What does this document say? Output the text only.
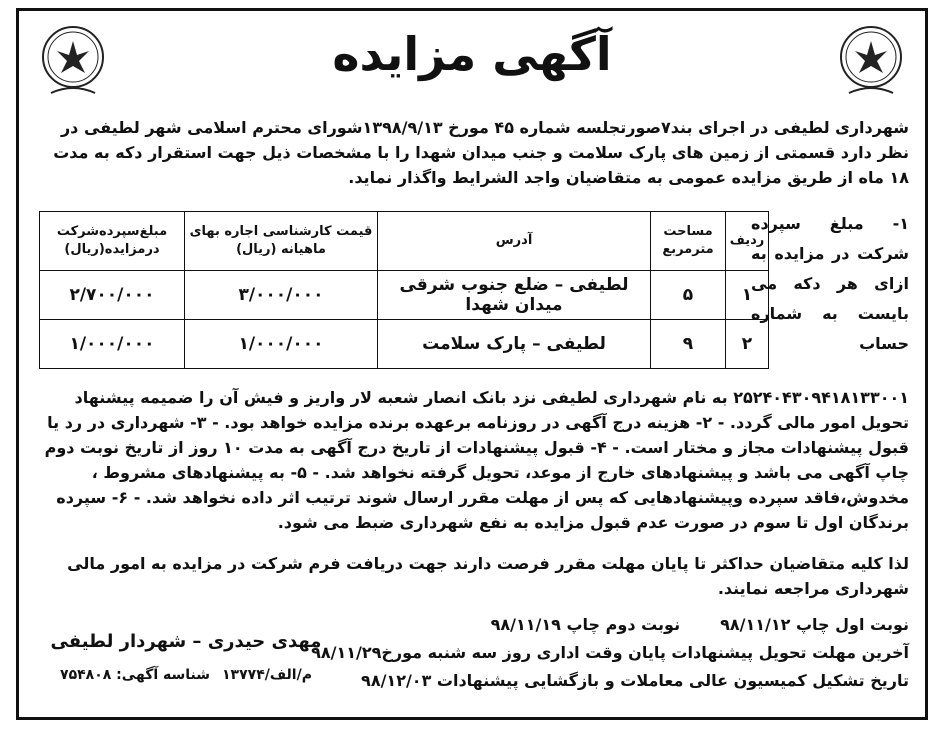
آگهی مزایده

شهرداری لطیفی در اجرای بند۷صورتجلسه شماره ۴۵ مورخ ۱۳۹۸/۹/۱۳شورای محترم اسلامی شهر لطیفی در نظر دارد قسمتی از زمین های پارک سلامت و جنب میدان شهدا را با مشخصات ذیل جهت استقرار دکه به مدت ۱۸ ماه از طریق مزایده عمومی به متقاضیان واجد الشرایط واگذار نماید.

۱- مبلغ سپرده شرکت در مزایده به ازای هر دکه می بایست به شماره حساب

ردیف	مساحت مترمربع	آدرس	قیمت کارشناسی اجاره بهای ماهیانه (ریال)	مبلغ‌سپرده‌شرکت درمزایده(ریال)
۱	۵	لطیفی – ضلع جنوب شرقی میدان شهدا	۳/۰۰۰/۰۰۰	۲/۷۰۰/۰۰۰
۲	۹	لطیفی – پارک سلامت	۱/۰۰۰/۰۰۰	۱/۰۰۰/۰۰۰

۲۵۲۴۰۴۳۰۹۴۱۸۱۳۳۰۰۱ به نام شهرداری لطیفی نزد بانک انصار شعبه لار واریز و فیش آن را ضمیمه پیشنهاد تحویل امور مالی گردد. - ۲- هزینه درج آگهی در روزنامه برعهده برنده مزایده خواهد بود. - ۳- شهرداری در رد یا قبول پیشنهادات مجاز و مختار است. - ۴- قبول پیشنهادات از تاریخ درج آگهی به مدت ۱۰ روز از تاریخ نوبت دوم چاپ آگهی می باشد و پیشنهادهای خارج از موعد، تحویل گرفته نخواهد شد. - ۵- به پیشنهادهای مشروط ، مخدوش،فاقد سپرده وپیشنهادهایی که پس از مهلت مقرر ارسال شوند ترتیب اثر داده نخواهد شد. - ۶- سپرده برندگان اول تا سوم در صورت عدم قبول مزایده به نفع شهرداری ضبط می شود.

لذا کلیه متقاضیان حداکثر تا پایان مهلت مقرر فرصت دارند جهت دریافت فرم شرکت در مزایده به امور مالی شهرداری مراجعه نمایند.

نوبت اول چاپ ۹۸/۱۱/۱۲نوبت دوم چاپ ۹۸/۱۱/۱۹
آخرین مهلت تحویل پیشنهادات پایان وقت اداری روز سه شنبه مورخ۹۸/۱۱/۲۹
تاریخ تشکیل کمیسیون عالی معاملات و بازگشایی پیشنهادات ۹۸/۱۲/۰۳
مهدی حیدری – شهردار لطیفی
م/الف/۱۳۷۷۴شناسه آگهی: ۷۵۴۸۰۸
